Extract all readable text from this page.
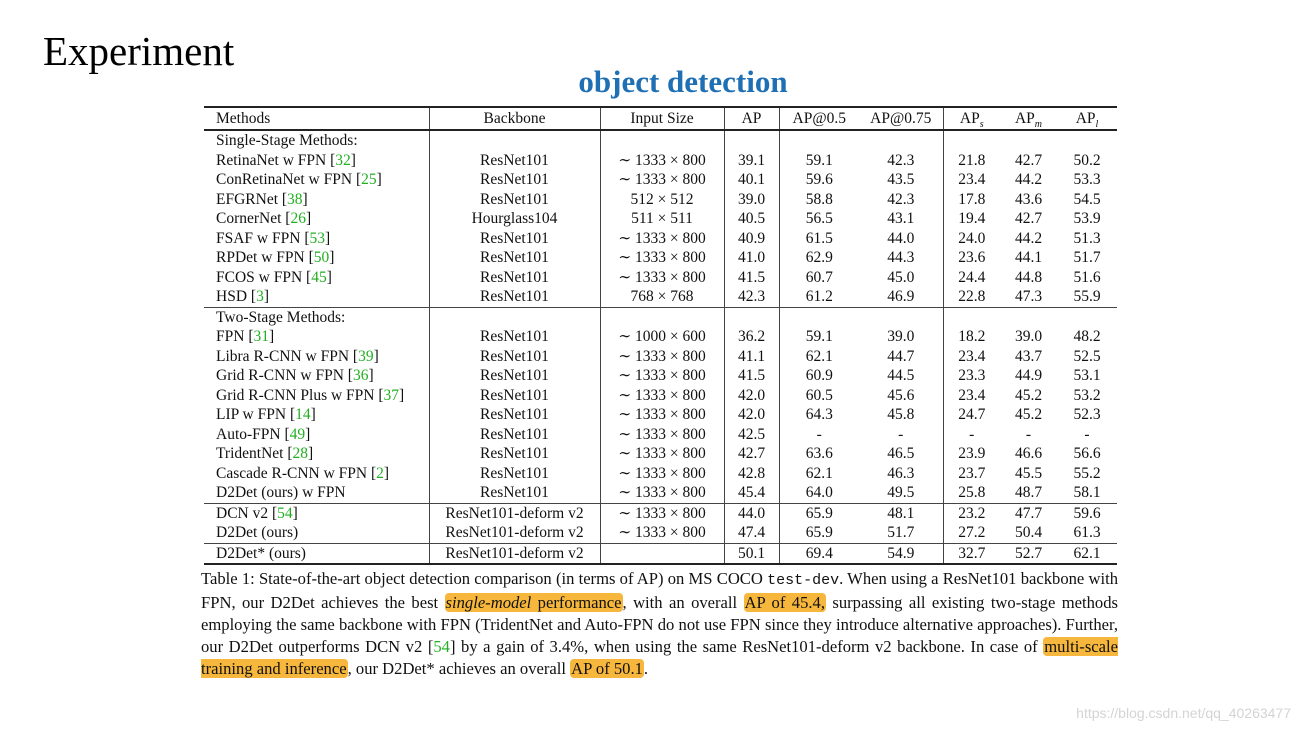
Experiment
object detection
Methods	Backbone	Input Size	AP	AP@0.5	AP@0.75	$AP_s$	$AP_m$	$AP_l$
Single-Stage Methods:								
RetinaNet w FPN [32]	ResNet101	∼ 1333 × 800	39.1	59.1	42.3	21.8	42.7	50.2
ConRetinaNet w FPN [25]	ResNet101	∼ 1333 × 800	40.1	59.6	43.5	23.4	44.2	53.3
EFGRNet [38]	ResNet101	512 × 512	39.0	58.8	42.3	17.8	43.6	54.5
CornerNet [26]	Hourglass104	511 × 511	40.5	56.5	43.1	19.4	42.7	53.9
FSAF w FPN [53]	ResNet101	∼ 1333 × 800	40.9	61.5	44.0	24.0	44.2	51.3
RPDet w FPN [50]	ResNet101	∼ 1333 × 800	41.0	62.9	44.3	23.6	44.1	51.7
FCOS w FPN [45]	ResNet101	∼ 1333 × 800	41.5	60.7	45.0	24.4	44.8	51.6
HSD [3]	ResNet101	768 × 768	42.3	61.2	46.9	22.8	47.3	55.9
Two-Stage Methods:								
FPN [31]	ResNet101	∼ 1000 × 600	36.2	59.1	39.0	18.2	39.0	48.2
Libra R-CNN w FPN [39]	ResNet101	∼ 1333 × 800	41.1	62.1	44.7	23.4	43.7	52.5
Grid R-CNN w FPN [36]	ResNet101	∼ 1333 × 800	41.5	60.9	44.5	23.3	44.9	53.1
Grid R-CNN Plus w FPN [37]	ResNet101	∼ 1333 × 800	42.0	60.5	45.6	23.4	45.2	53.2
LIP w FPN [14]	ResNet101	∼ 1333 × 800	42.0	64.3	45.8	24.7	45.2	52.3
Auto-FPN [49]	ResNet101	∼ 1333 × 800	42.5	-	-	-	-	-
TridentNet [28]	ResNet101	∼ 1333 × 800	42.7	63.6	46.5	23.9	46.6	56.6
Cascade R-CNN w FPN [2]	ResNet101	∼ 1333 × 800	42.8	62.1	46.3	23.7	45.5	55.2
D2Det (ours) w FPN	ResNet101	∼ 1333 × 800	45.4	64.0	49.5	25.8	48.7	58.1
DCN v2 [54]	ResNet101-deform v2	∼ 1333 × 800	44.0	65.9	48.1	23.2	47.7	59.6
D2Det (ours)	ResNet101-deform v2	∼ 1333 × 800	47.4	65.9	51.7	27.2	50.4	61.3
D2Det* (ours)	ResNet101-deform v2		50.1	69.4	54.9	32.7	52.7	62.1
Table 1: State-of-the-art object detection comparison (in terms of AP) on MS COCO test-dev. When using a ResNet101 backbone with FPN, our D2Det achieves the best single-model performance, with an overall AP of 45.4, surpassing all existing two-stage methods employing the same backbone with FPN (TridentNet and Auto-FPN do not use FPN since they introduce alternative approaches). Further, our D2Det outperforms DCN v2 [54] by a gain of 3.4%, when using the same ResNet101-deform v2 backbone. In case of multi-scale training and inference, our D2Det* achieves an overall AP of 50.1.
https://blog.csdn.net/qq_40263477
